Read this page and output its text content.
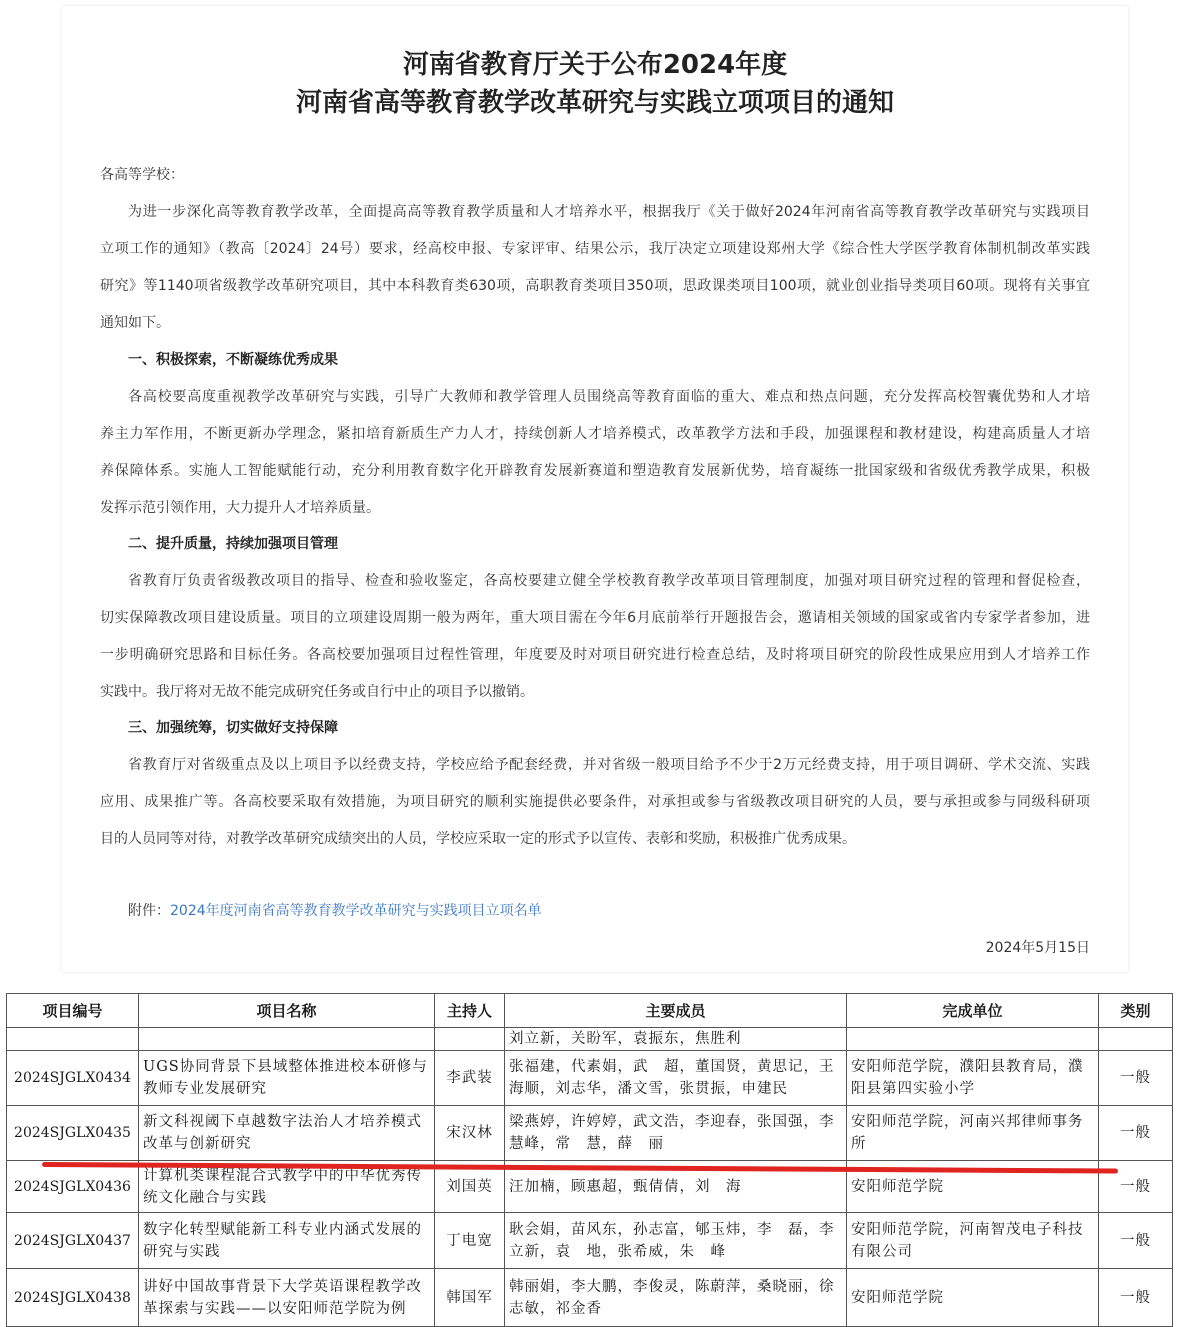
河南省教育厅关于公布2024年度
河南省高等教育教学改革研究与实践立项项目的通知
各高等学校：
为进一步深化高等教育教学改革，全面提高高等教育教学质量和人才培养水平，根据我厅《关于做好2024年河南省高等教育教学改革研究与实践项目
立项工作的通知》（教高〔2024〕24号）要求，经高校申报、专家评审、结果公示，我厅决定立项建设郑州大学《综合性大学医学教育体制机制改革实践
研究》等1140项省级教学改革研究项目，其中本科教育类630项，高职教育类项目350项，思政课类项目100项，就业创业指导类项目60项。现将有关事宜
通知如下。
一、积极探索，不断凝练优秀成果
各高校要高度重视教学改革研究与实践，引导广大教师和教学管理人员围绕高等教育面临的重大、难点和热点问题，充分发挥高校智囊优势和人才培
养主力军作用，不断更新办学理念，紧扣培育新质生产力人才，持续创新人才培养模式，改革教学方法和手段，加强课程和教材建设，构建高质量人才培
养保障体系。实施人工智能赋能行动，充分利用教育数字化开辟教育发展新赛道和塑造教育发展新优势，培育凝练一批国家级和省级优秀教学成果，积极
发挥示范引领作用，大力提升人才培养质量。
二、提升质量，持续加强项目管理
省教育厅负责省级教改项目的指导、检查和验收鉴定，各高校要建立健全学校教育教学改革项目管理制度，加强对项目研究过程的管理和督促检查，
切实保障教改项目建设质量。项目的立项建设周期一般为两年，重大项目需在今年6月底前举行开题报告会，邀请相关领域的国家或省内专家学者参加，进
一步明确研究思路和目标任务。各高校要加强项目过程性管理，年度要及时对项目研究进行检查总结，及时将项目研究的阶段性成果应用到人才培养工作
实践中。我厅将对无故不能完成研究任务或自行中止的项目予以撤销。
三、加强统筹，切实做好支持保障
省教育厅对省级重点及以上项目予以经费支持，学校应给予配套经费，并对省级一般项目给予不少于2万元经费支持，用于项目调研、学术交流、实践
应用、成果推广等。各高校要采取有效措施，为项目研究的顺利实施提供必要条件，对承担或参与省级教改项目研究的人员，要与承担或参与同级科研项
目的人员同等对待，对教学改革研究成绩突出的人员，学校应采取一定的形式予以宣传、表彰和奖励，积极推广优秀成果。
附件：2024年度河南省高等教育教学改革研究与实践项目立项名单
2024年5月15日
项目编号	项目名称	主持人	主要成员	完成单位	类别

			刘立新，关盼军，袁振东，焦胜利		

2024SJGLX0434	UGS协同背景下县域整体推进校本研修与教师专业发展研究	李武装	张福建，代素娟，武　超，董国贤，黄思记，王海顺，刘志华，潘文雪，张贯振，申建民	安阳师范学院，濮阳县教育局，濮阳县第四实验小学	一般
2024SJGLX0435	新文科视阈下卓越数字法治人才培养模式改革与创新研究	宋汉林	梁燕婷，许婷婷，武文浩，李迎春，张国强，李慧峰，常　慧，薛　丽	安阳师范学院，河南兴邦律师事务所	一般
2024SJGLX0436	计算机类课程混合式教学中的中华优秀传统文化融合与实践	刘国英	汪加楠，顾惠超，甄倩倩，刘　海	安阳师范学院	一般
2024SJGLX0437	数字化转型赋能新工科专业内涵式发展的研究与实践	丁电宽	耿会娟，苗风东，孙志富，郇玉炜，李　磊，李立新，袁　地，张希威，朱　峰	安阳师范学院，河南智茂电子科技有限公司	一般
2024SJGLX0438	讲好中国故事背景下大学英语课程教学改革探索与实践——以安阳师范学院为例	韩国军	韩丽娟，李大鹏，李俊灵，陈蔚萍，桑晓丽，徐志敏，祁金香	安阳师范学院	一般
